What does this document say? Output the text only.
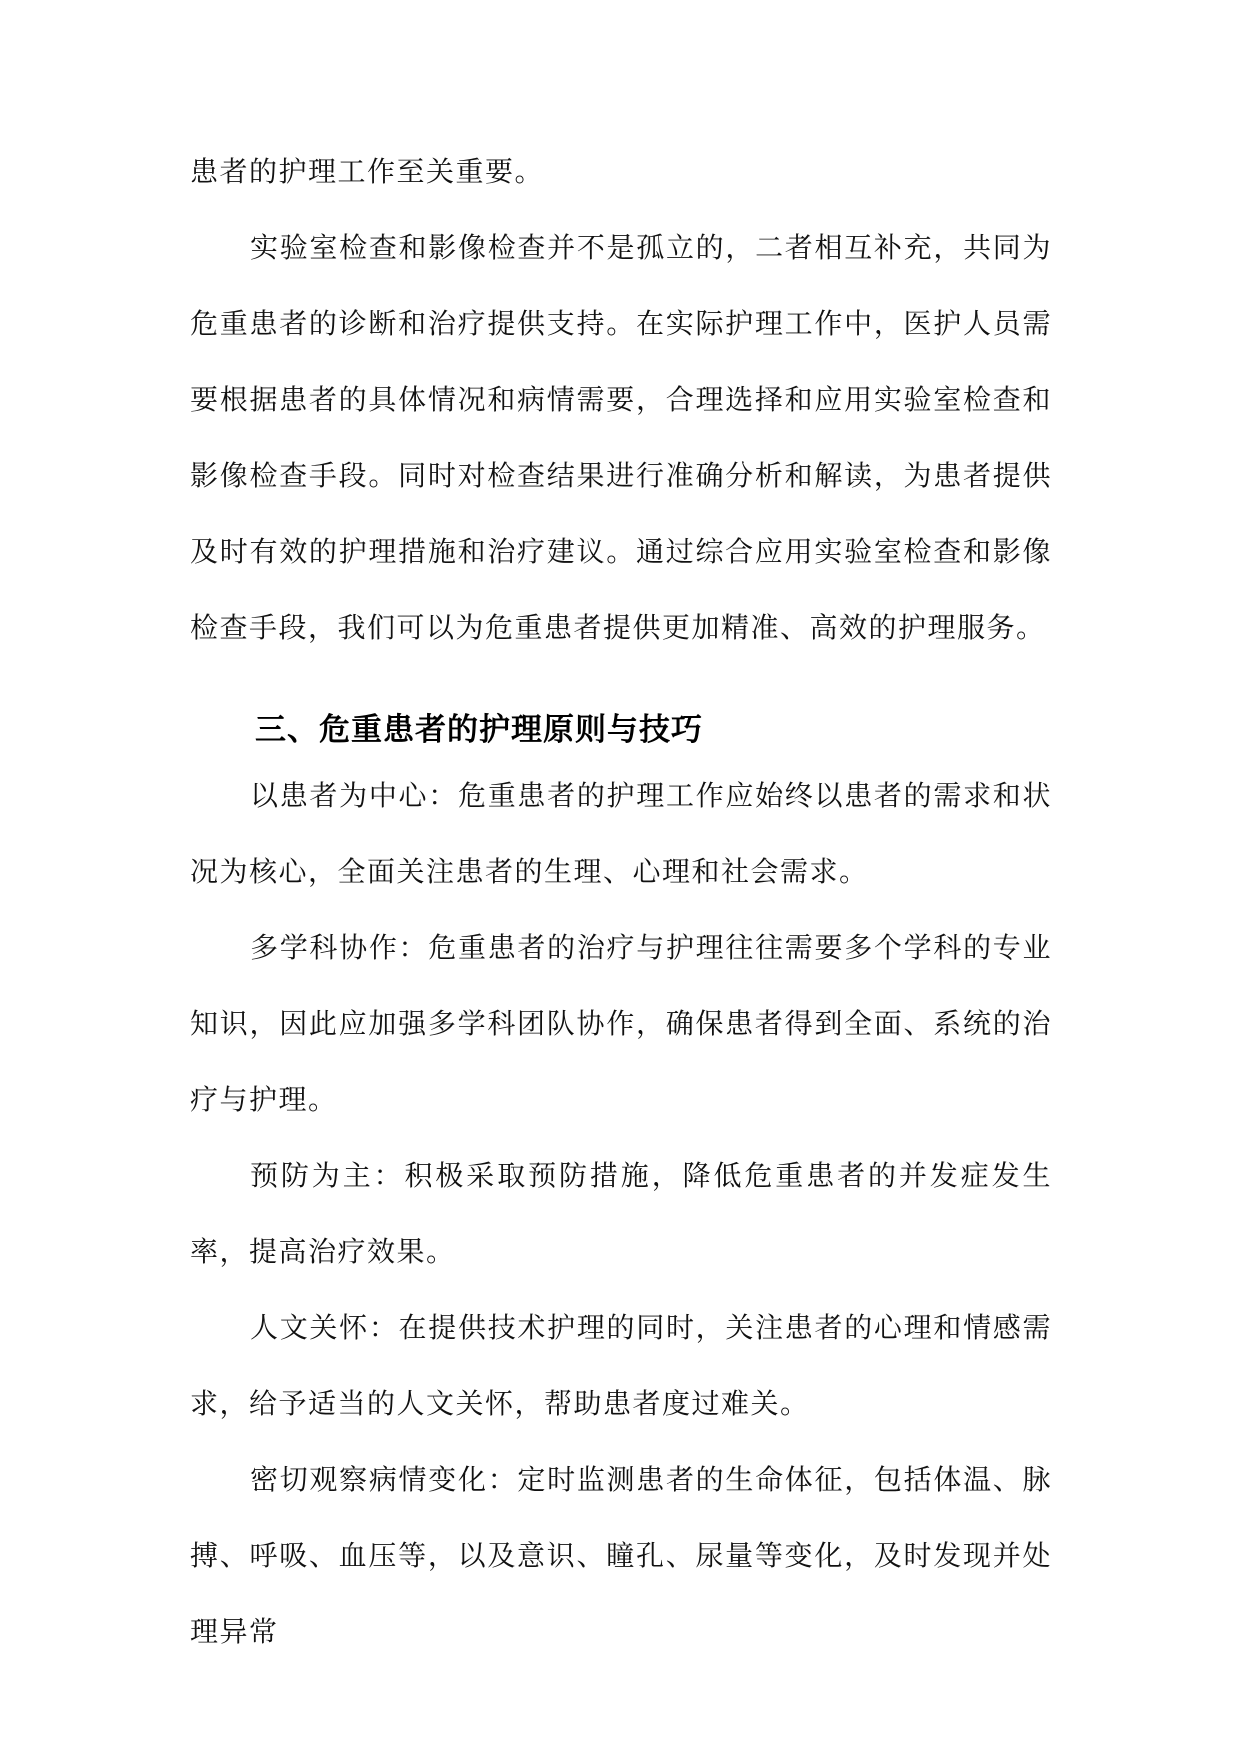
患者的护理工作至关重要。

实验室检查和影像检查并不是孤立的，二者相互补充，共同为危重患者的诊断和治疗提供支持。在实际护理工作中，医护人员需要根据患者的具体情况和病情需要，合理选择和应用实验室检查和影像检查手段。同时对检查结果进行准确分析和解读，为患者提供及时有效的护理措施和治疗建议。通过综合应用实验室检查和影像检查手段，我们可以为危重患者提供更加精准、高效的护理服务。

三、危重患者的护理原则与技巧

以患者为中心：危重患者的护理工作应始终以患者的需求和状况为核心，全面关注患者的生理、心理和社会需求。

多学科协作：危重患者的治疗与护理往往需要多个学科的专业知识，因此应加强多学科团队协作，确保患者得到全面、系统的治疗与护理。

预防为主：积极采取预防措施，降低危重患者的并发症发生率，提高治疗效果。

人文关怀：在提供技术护理的同时，关注患者的心理和情感需求，给予适当的人文关怀，帮助患者度过难关。

密切观察病情变化：定时监测患者的生命体征，包括体温、脉搏、呼吸、血压等，以及意识、瞳孔、尿量等变化，及时发现并处理异常
